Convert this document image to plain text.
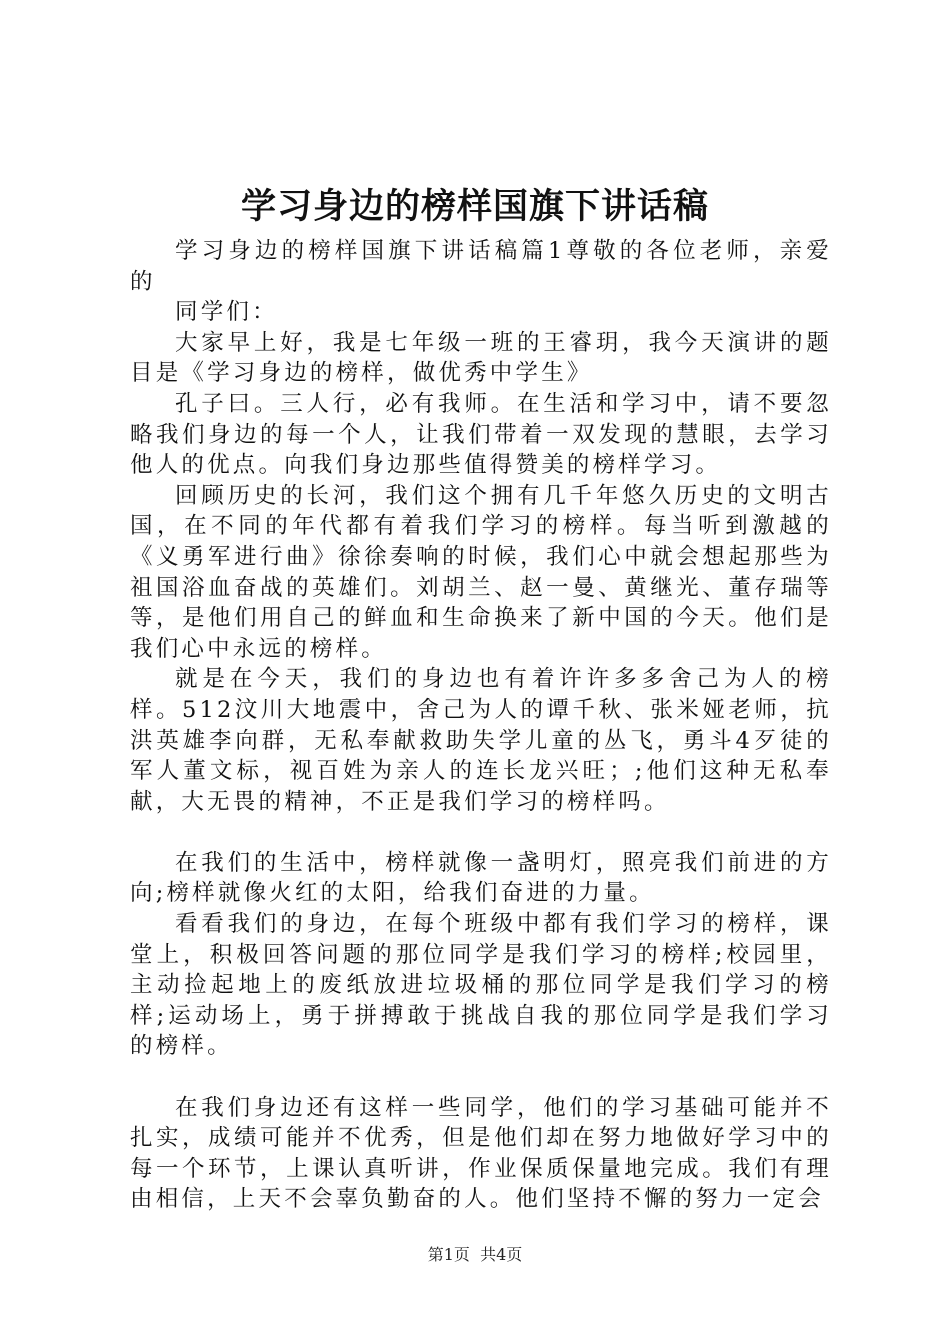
学习身边的榜样国旗下讲话稿

学习身边的榜样国旗下讲话稿篇1尊敬的各位老师，亲爱的

同学们：

大家早上好，我是七年级一班的王睿玥，我今天演讲的题目是《学习身边的榜样，做优秀中学生》

孔子曰。三人行，必有我师。在生活和学习中，请不要忽略我们身边的每一个人，让我们带着一双发现的慧眼，去学习他人的优点。向我们身边那些值得赞美的榜样学习。

回顾历史的长河，我们这个拥有几千年悠久历史的文明古国，在不同的年代都有着我们学习的榜样。每当听到激越的《义勇军进行曲》徐徐奏响的时候，我们心中就会想起那些为祖国浴血奋战的英雄们。刘胡兰、赵一曼、黄继光、董存瑞等等，是他们用自己的鲜血和生命换来了新中国的今天。他们是我们心中永远的榜样。

就是在今天，我们的身边也有着许许多多舍己为人的榜样。512汶川大地震中，舍己为人的谭千秋、张米娅老师，抗洪英雄李向群，无私奉献救助失学儿童的丛飞，勇斗4歹徒的军人董文标，视百姓为亲人的连长龙兴旺；;他们这种无私奉献，大无畏的精神，不正是我们学习的榜样吗。

在我们的生活中，榜样就像一盏明灯，照亮我们前进的方向;榜样就像火红的太阳，给我们奋进的力量。

看看我们的身边，在每个班级中都有我们学习的榜样，课堂上，积极回答问题的那位同学是我们学习的榜样;校园里，主动捡起地上的废纸放进垃圾桶的那位同学是我们学习的榜样;运动场上，勇于拼搏敢于挑战自我的那位同学是我们学习的榜样。

在我们身边还有这样一些同学，他们的学习基础可能并不扎实，成绩可能并不优秀，但是他们却在努力地做好学习中的每一个环节，上课认真听讲，作业保质保量地完成。我们有理由相信，上天不会辜负勤奋的人。他们坚持不懈的努力一定会

第1页 共4页
